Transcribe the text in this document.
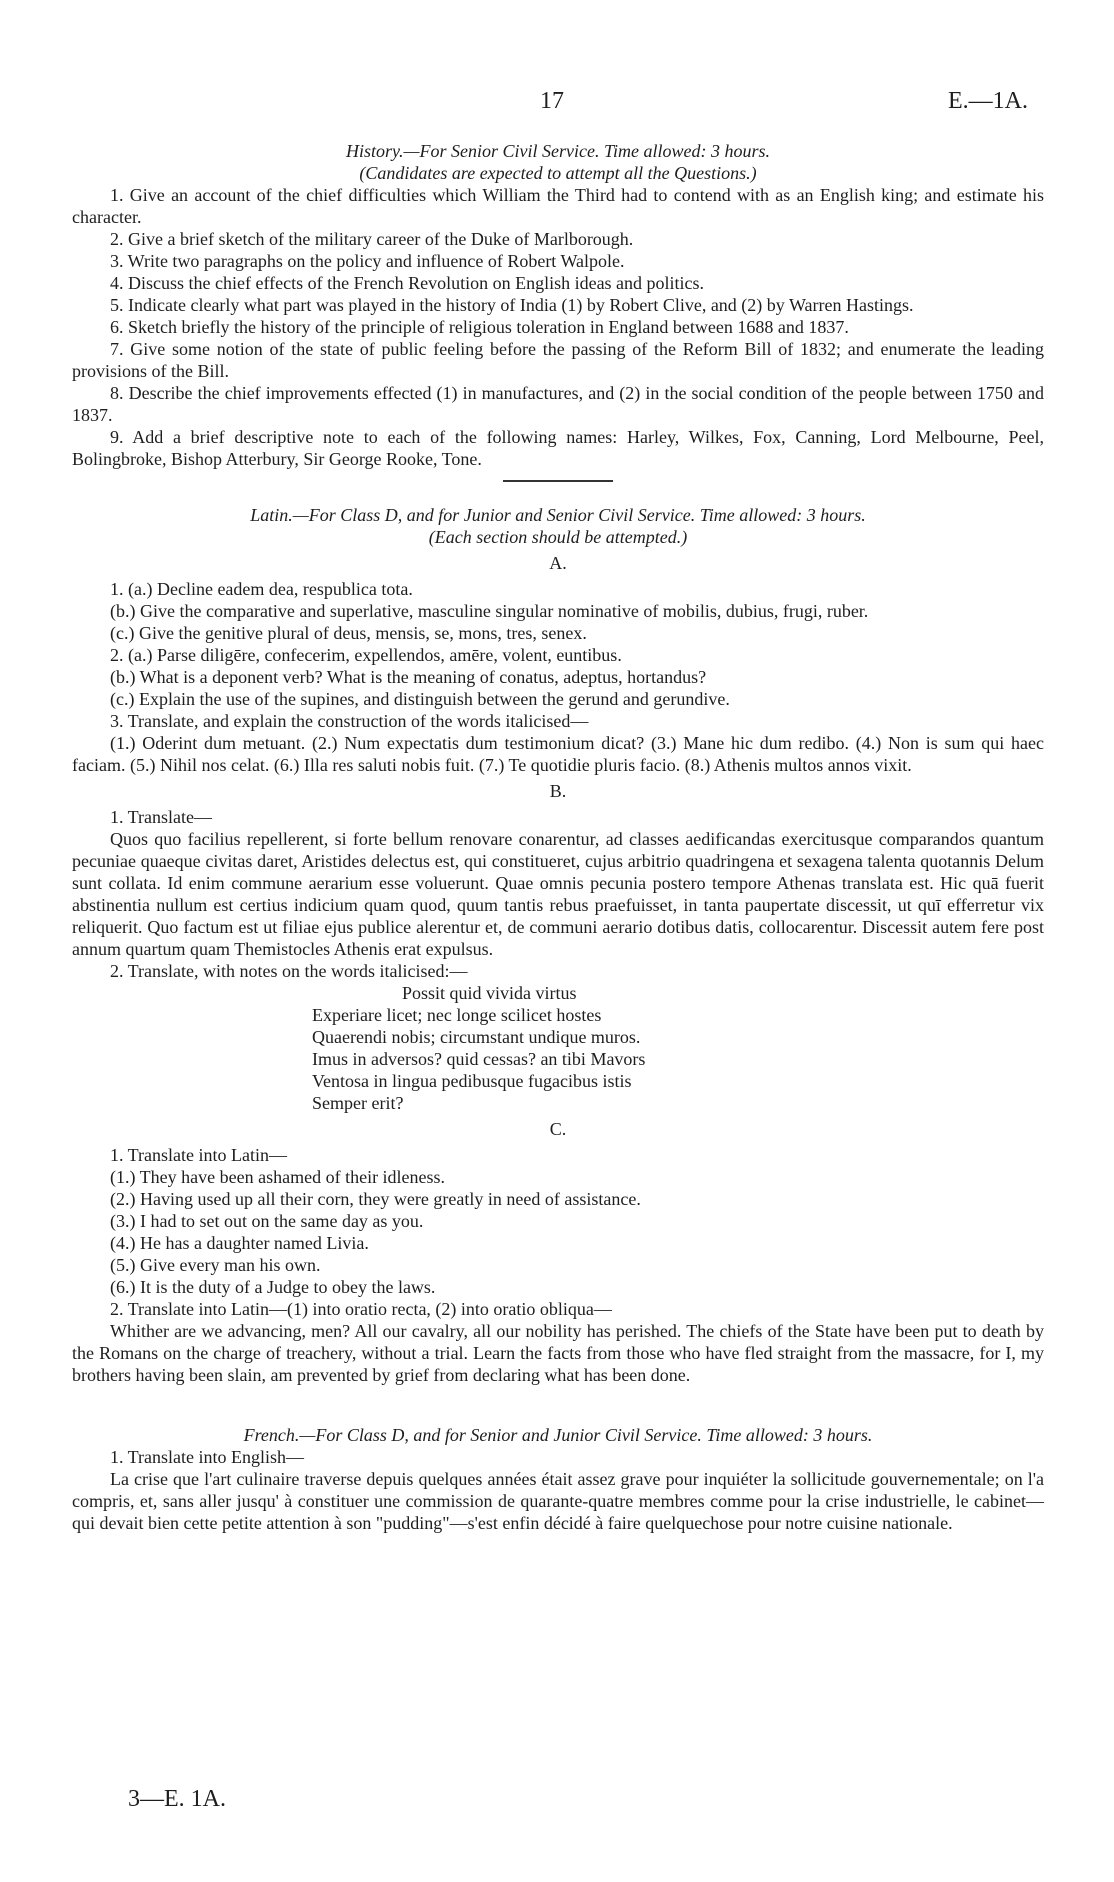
17	E.—1A.
History.—For Senior Civil Service. Time allowed: 3 hours.
(Candidates are expected to attempt all the Questions.)
1. Give an account of the chief difficulties which William the Third had to contend with as an English king; and estimate his character.
2. Give a brief sketch of the military career of the Duke of Marlborough.
3. Write two paragraphs on the policy and influence of Robert Walpole.
4. Discuss the chief effects of the French Revolution on English ideas and politics.
5. Indicate clearly what part was played in the history of India (1) by Robert Clive, and (2) by Warren Hastings.
6. Sketch briefly the history of the principle of religious toleration in England between 1688 and 1837.
7. Give some notion of the state of public feeling before the passing of the Reform Bill of 1832; and enumerate the leading provisions of the Bill.
8. Describe the chief improvements effected (1) in manufactures, and (2) in the social condition of the people between 1750 and 1837.
9. Add a brief descriptive note to each of the following names: Harley, Wilkes, Fox, Canning, Lord Melbourne, Peel, Bolingbroke, Bishop Atterbury, Sir George Rooke, Tone.
Latin.—For Class D, and for Junior and Senior Civil Service. Time allowed: 3 hours.
(Each section should be attempted.)
A.
1. (a.) Decline eadem dea, respublica tota.
(b.) Give the comparative and superlative, masculine singular nominative of mobilis, dubius, frugi, ruber.
(c.) Give the genitive plural of deus, mensis, se, mons, tres, senex.
2. (a.) Parse diligēre, confecerim, expellendos, amēre, volent, euntibus.
(b.) What is a deponent verb? What is the meaning of conatus, adeptus, hortandus?
(c.) Explain the use of the supines, and distinguish between the gerund and gerundive.
3. Translate, and explain the construction of the words italicised—
(1.) Oderint dum metuant. (2.) Num expectatis dum testimonium dicat? (3.) Mane hic dum redibo. (4.) Non is sum qui haec faciam. (5.) Nihil nos celat. (6.) Illa res saluti nobis fuit. (7.) Te quotidie pluris facio. (8.) Athenis multos annos vixit.
B.
1. Translate—
Quos quo facilius repellerent, si forte bellum renovare conarentur, ad classes aedificandas exercitusque comparandos quantum pecuniae quaeque civitas daret, Aristides delectus est, qui constitueret, cujus arbitrio quadringena et sexagena talenta quotannis Delum sunt collata. Id enim commune aerarium esse voluerunt. Quae omnis pecunia postero tempore Athenas translata est. Hic quā fuerit abstinentia nullum est certius indicium quam quod, quum tantis rebus praefuisset, in tanta paupertate discessit, ut quī efferretur vix reliquerit. Quo factum est ut filiae ejus publice alerentur et, de communi aerario dotibus datis, collocarentur. Discessit autem fere post annum quartum quam Themistocles Athenis erat expulsus.
2. Translate, with notes on the words italicised:—
Possit quid vivida virtus
Experiare licet; nec longe scilicet hostes
Quaerendi nobis; circumstant undique muros.
Imus in adversos? quid cessas? an tibi Mavors
Ventosa in lingua pedibusque fugacibus istis
Semper erit?
C.
1. Translate into Latin—
(1.) They have been ashamed of their idleness.
(2.) Having used up all their corn, they were greatly in need of assistance.
(3.) I had to set out on the same day as you.
(4.) He has a daughter named Livia.
(5.) Give every man his own.
(6.) It is the duty of a Judge to obey the laws.
2. Translate into Latin—(1) into oratio recta, (2) into oratio obliqua—
Whither are we advancing, men? All our cavalry, all our nobility has perished. The chiefs of the State have been put to death by the Romans on the charge of treachery, without a trial. Learn the facts from those who have fled straight from the massacre, for I, my brothers having been slain, am prevented by grief from declaring what has been done.
French.—For Class D, and for Senior and Junior Civil Service. Time allowed: 3 hours.
1. Translate into English—
La crise que l'art culinaire traverse depuis quelques années était assez grave pour inquiéter la sollicitude gouvernementale; on l'a compris, et, sans aller jusqu' à constituer une commission de quarante-quatre membres comme pour la crise industrielle, le cabinet—qui devait bien cette petite attention à son "pudding"—s'est enfin décidé à faire quelquechose pour notre cuisine nationale.
3—E. 1A.
